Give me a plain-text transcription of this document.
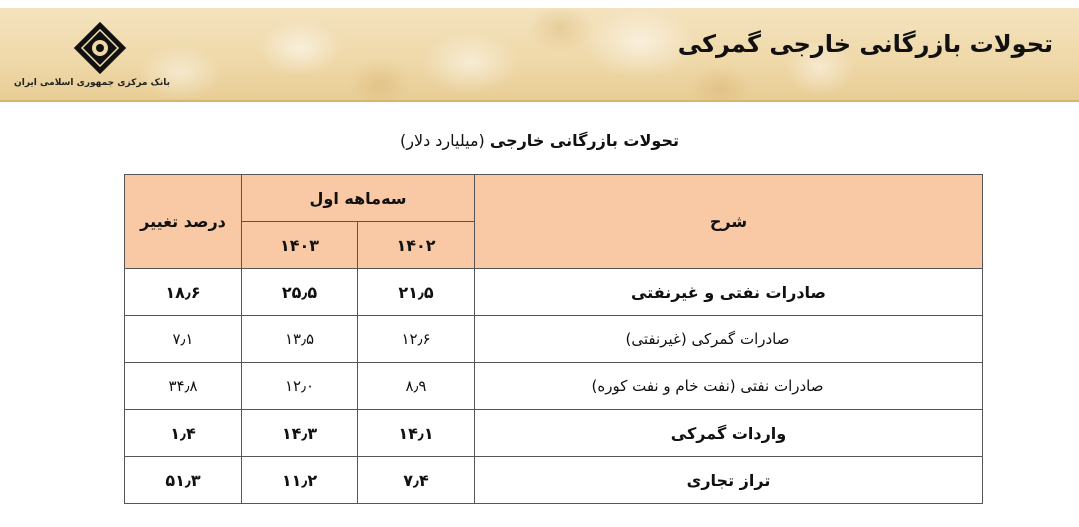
تحولات بازرگانی خارجی گمرکی
بانک مرکزی جمهوری اسلامی ایران
تحولات بازرگانی خارجی (میلیارد دلار)
شرح	سه‌ماهه اول		درصد تغییر
	۱۴۰۲	۱۴۰۳	
صادرات نفتی و غیرنفتی	۲۱٫۵	۲۵٫۵	۱۸٫۶
صادرات گمرکی (غیرنفتی)	۱۲٫۶	۱۳٫۵	۷٫۱
صادرات نفتی (نفت خام و نفت کوره)	۸٫۹	۱۲٫۰	۳۴٫۸
واردات گمرکی	۱۴٫۱	۱۴٫۳	۱٫۴
تراز تجاری	۷٫۴	۱۱٫۲	۵۱٫۳
